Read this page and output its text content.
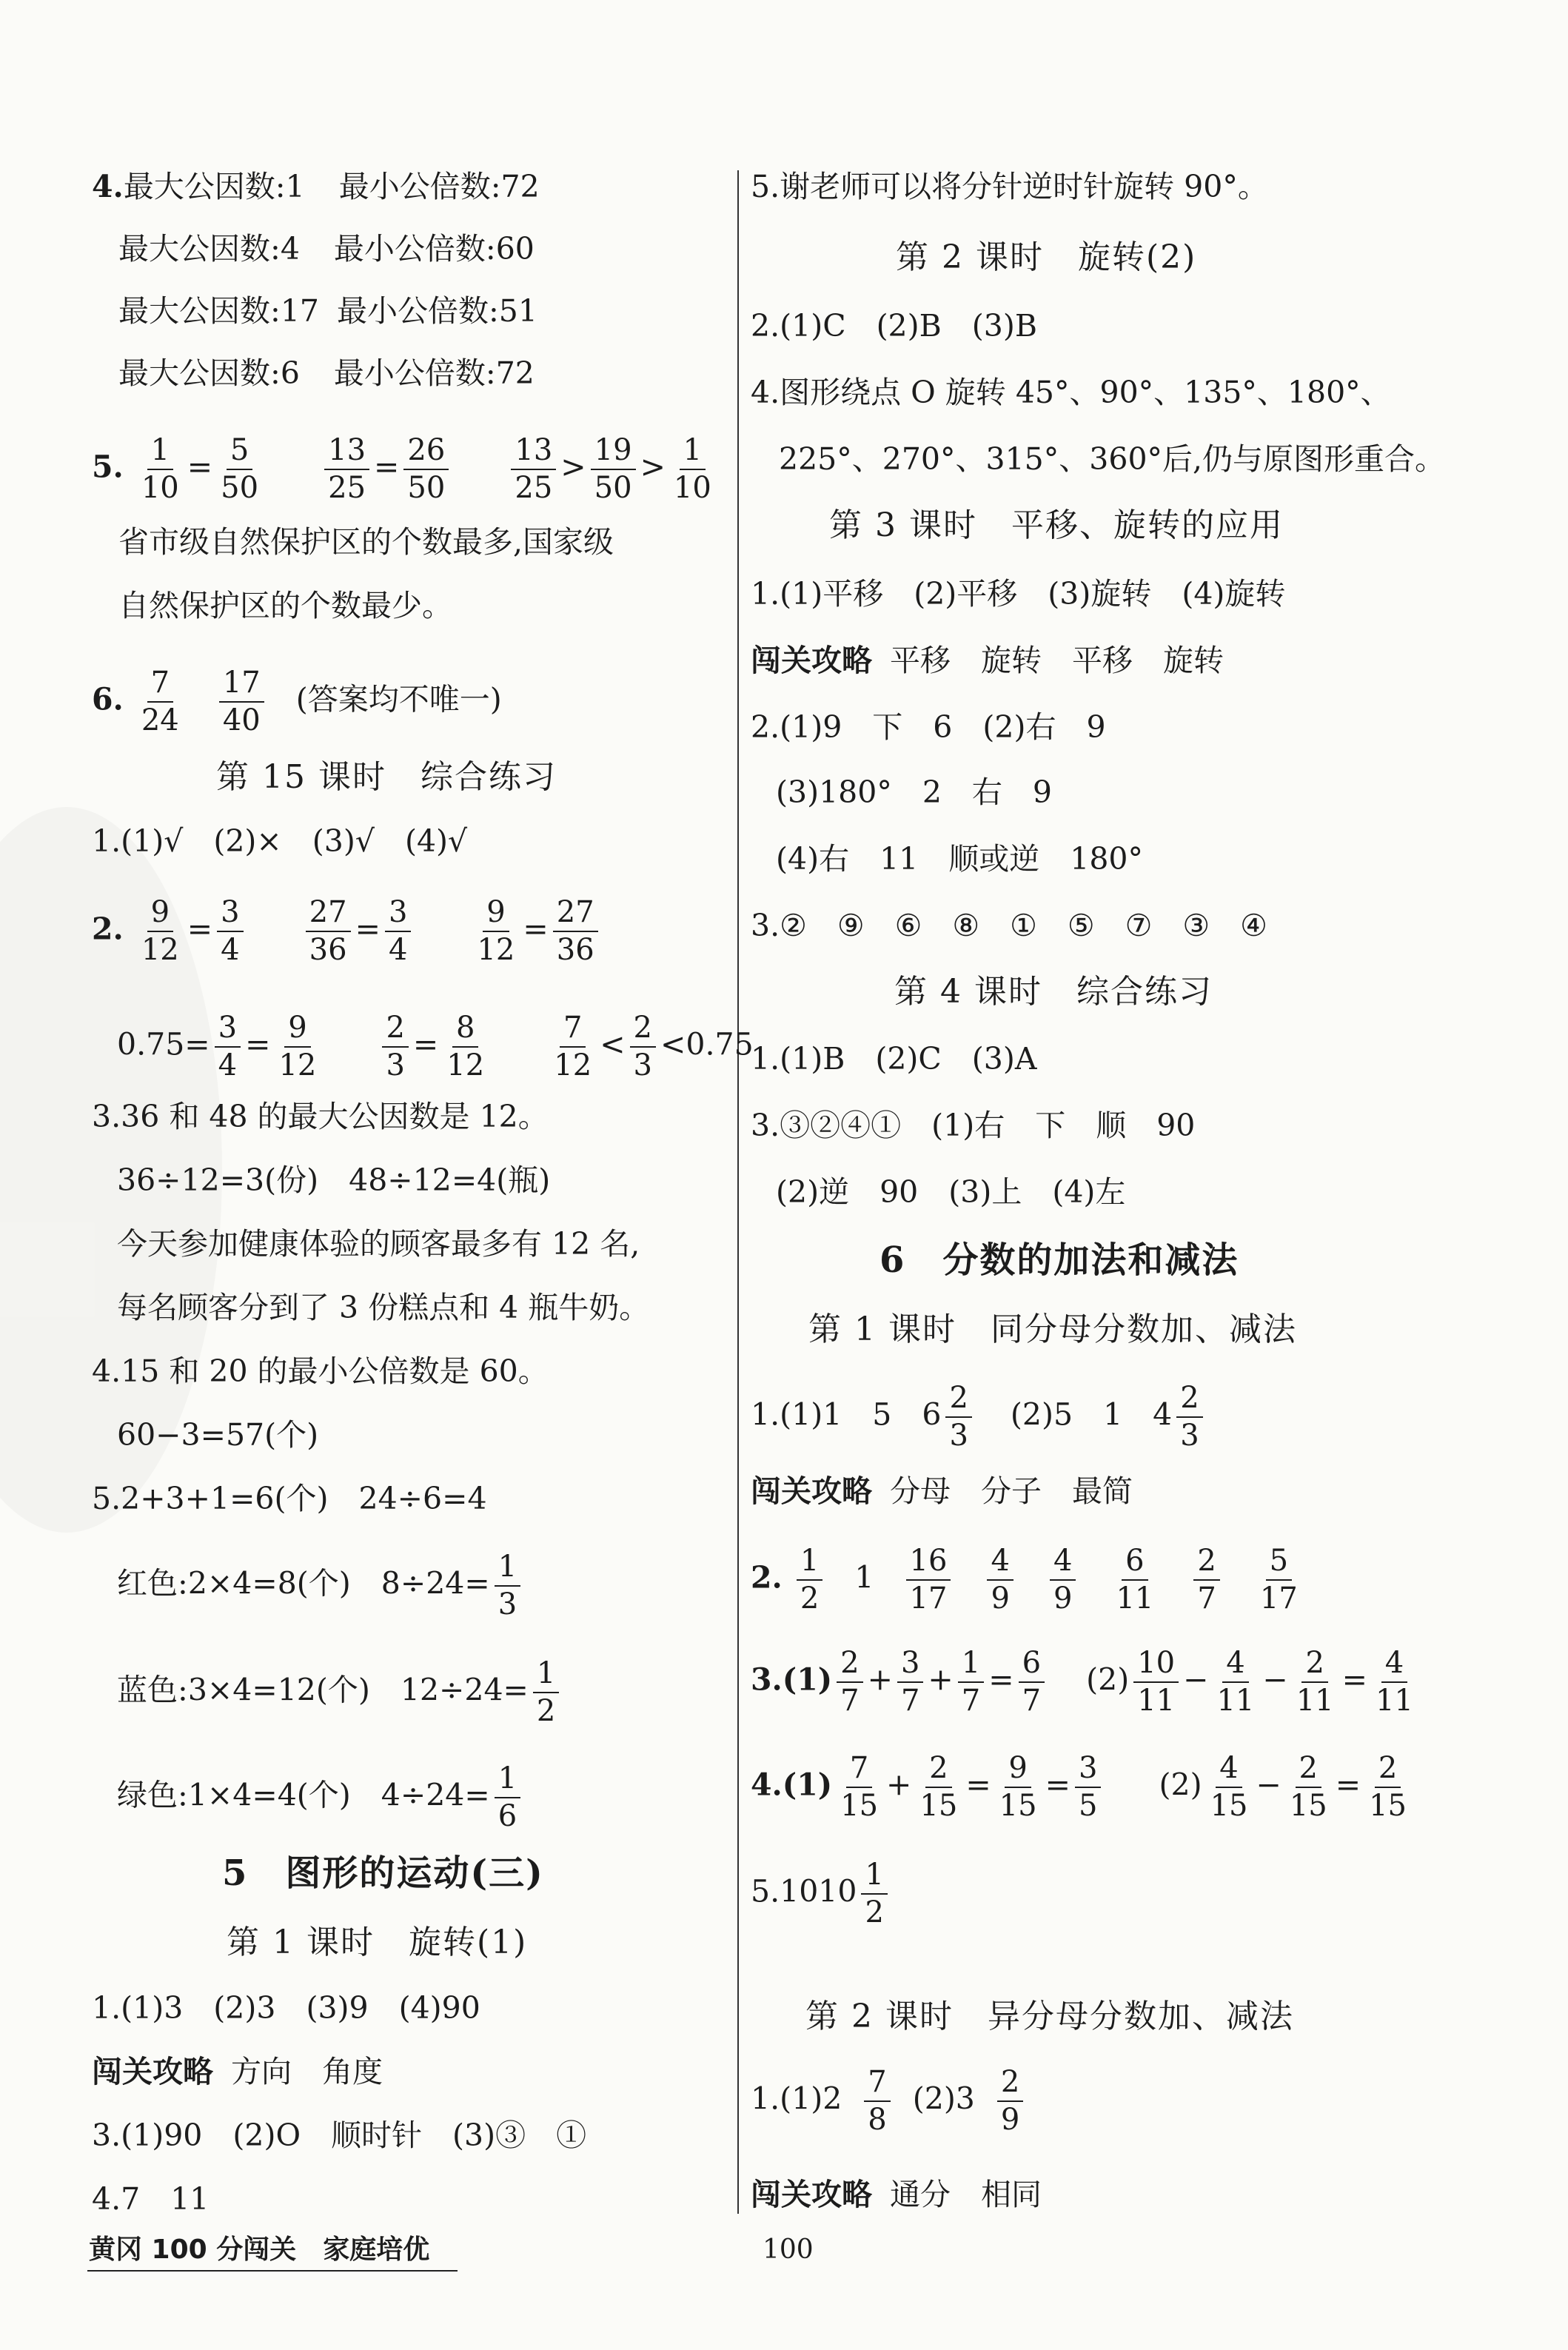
4.最大公因数:1 最小公倍数:72
最大公因数:4 最小公倍数:60
最大公因数:17 最小公倍数:51
最大公因数:6 最小公倍数:72
5. $\frac{1}{10} = \frac{5}{50}$
$\frac{13}{25} = \frac{26}{50}$
$\frac{13}{25} > \frac{19}{50} > \frac{1}{10}$
省市级自然保护区的个数最多,国家级
自然保护区的个数最少。
6. $\frac{7}{24}$
$\frac{17}{40}$ (答案均不唯一)
第 15 课时　综合练习
1.(1)√　(2)×　(3)√　(4)√
2. $\frac{9}{12} = \frac{3}{4}$
$\frac{27}{36} = \frac{3}{4}$
$\frac{9}{12} = \frac{27}{36}$
$0.75= \frac{3}{4} = \frac{9}{12}$
$\frac{2}{3} = \frac{8}{12}$
$\frac{7}{12} < \frac{2}{3} <0.75$
3.36 和 48 的最大公因数是 12。
36÷12=3(份)　48÷12=4(瓶)
今天参加健康体验的顾客最多有 12 名,
每名顾客分到了 3 份糕点和 4 瓶牛奶。
4.15 和 20 的最小公倍数是 60。
60−3=57(个)
5.2+3+1=6(个)　24÷6=4
红色:2×4=8(个)　$8\div 24= \frac{1}{3}$
蓝色:3×4=12(个)　$12\div 24= \frac{1}{2}$
绿色:1×4=4(个)　$4\div 24= \frac{1}{6}$
5　图形的运动(三)
第 1 课时　旋转(1)
1.(1)3　(2)3　(3)9　(4)90
闯关攻略 方向　角度
3.(1)90　(2)O　顺时针　(3)③　①
4.7　11
5.谢老师可以将分针逆时针旋转 90°。
第 2 课时　旋转(2)
2.(1)C　(2)B　(3)B
4.图形绕点 O 旋转 45°、90°、135°、180°、
225°、270°、315°、360°后,仍与原图形重合。
第 3 课时　平移、旋转的应用
1.(1)平移　(2)平移　(3)旋转　(4)旋转
闯关攻略 平移　旋转　平移　旋转
2.(1)9　下　6　(2)右　9
(3)180°　2　右　9
(4)右　11　顺或逆　180°
3.②　⑨　⑥　⑧　①　⑤　⑦　③　④
第 4 课时　综合练习
1.(1)B　(2)C　(3)A
3.③②④①　(1)右　下　顺　90
(2)逆　90　(3)上　(4)左
6　分数的加法和减法
第 1 课时　同分母分数加、减法
1.(1)1　5　$6 \frac{2}{3} (2)5$　1　$4 \frac{2}{3}$
闯关攻略 分母　分子　最简
2. $\frac{1}{2} 1 \frac{16}{17}$
$\frac{4}{9}$
$\frac{4}{9}$
$\frac{6}{11}$
$\frac{2}{7}$
$\frac{5}{17}$
$3.(1) \frac{2}{7} + \frac{3}{7} + \frac{1}{7} = \frac{6}{7} (2) \frac{10}{11} - \frac{4}{11} - \frac{2}{11} = \frac{4}{11}$
$4.(1) \frac{7}{15} + \frac{2}{15} = \frac{9}{15} = \frac{3}{5} (2) \frac{4}{15} - \frac{2}{15} = \frac{2}{15}$
$5.1010 \frac{1}{2}$
第 2 课时　异分母分数加、减法
$1.(1)2 \frac{7}{8} (2)3 \frac{2}{9}$
闯关攻略 通分　相同
黄冈 100 分闯关　家庭培优	100
